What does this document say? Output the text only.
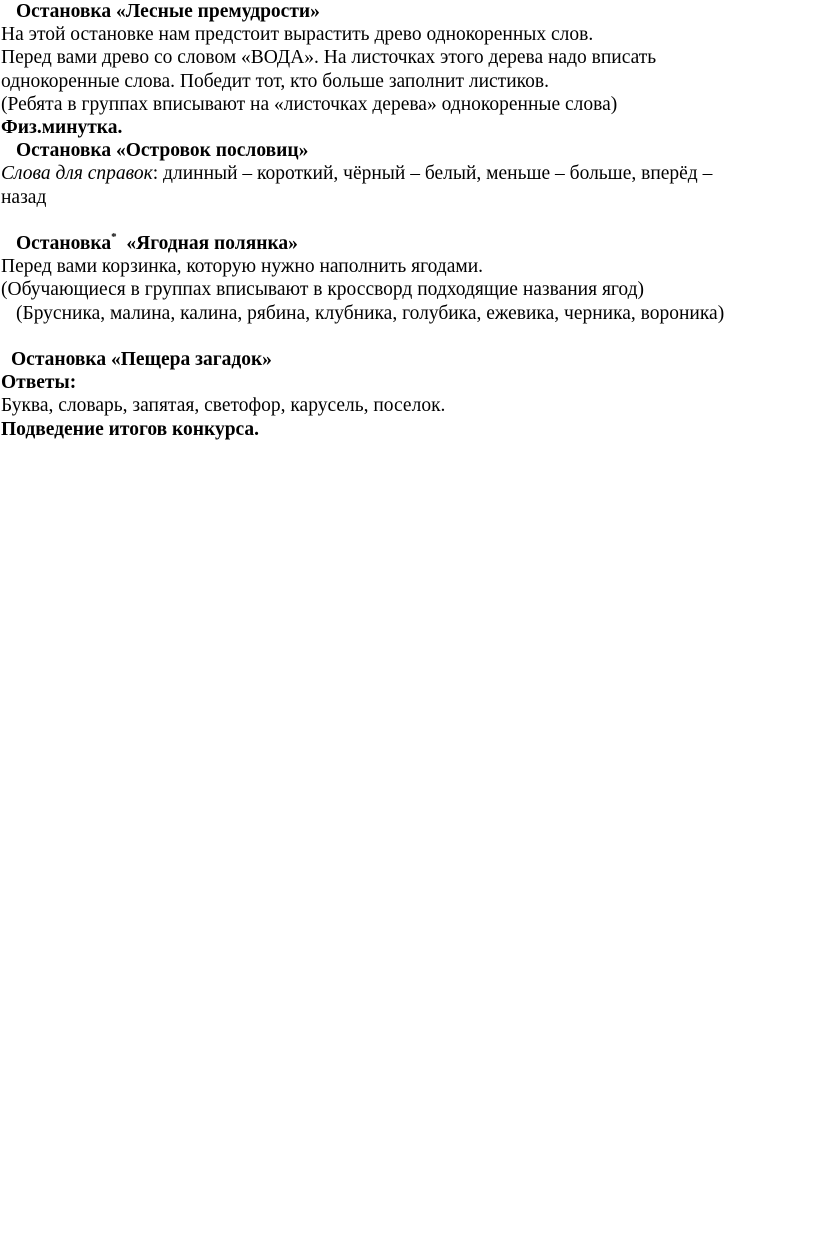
Остановка «Лесные премудрости»

На этой остановке нам предстоит вырастить древо однокоренных слов.

Перед вами древо со словом «ВОДА». На листочках этого дерева надо вписать

однокоренные слова. Победит тот, кто больше заполнит листиков.

(Ребята в группах вписывают на «листочках дерева» однокоренные слова)

Физ.минутка.

Остановка «Островок пословиц»

Слова для справок: длинный – короткий, чёрный – белый, меньше – больше, вперёд –

назад

Остановка* «Ягодная полянка»

Перед вами корзинка, которую нужно наполнить ягодами.

(Обучающиеся в группах вписывают в кроссворд подходящие названия ягод)

(Брусника, малина, калина, рябина, клубника, голубика, ежевика, черника, вороника)

Остановка «Пещера загадок»

Ответы:

Буква, словарь, запятая, светофор, карусель, поселок.

Подведение итогов конкурса.
